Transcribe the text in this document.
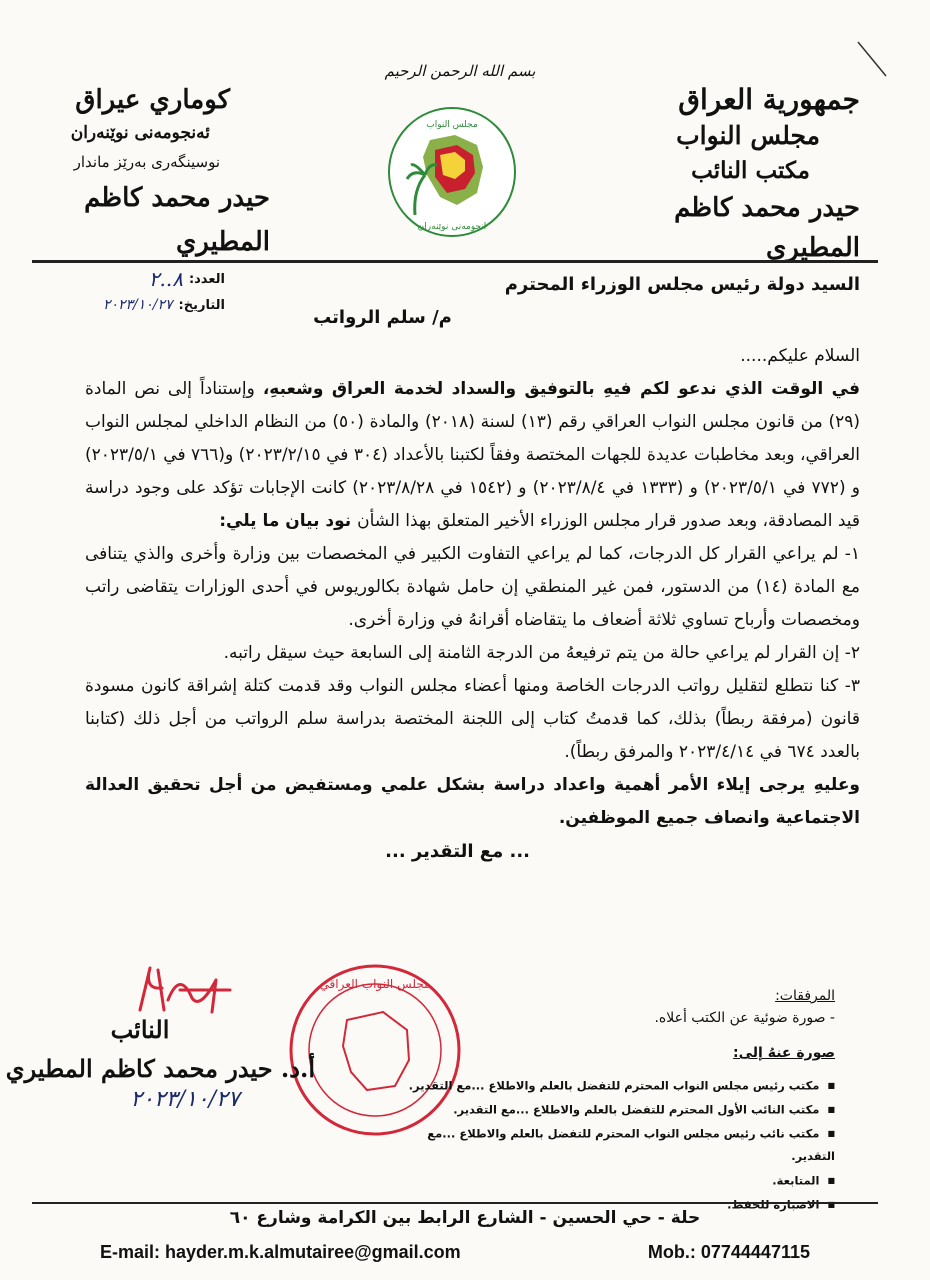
بسم الله الرحمن الرحيم
جمهورية العراق
مجلس النواب
مكتب النائب
حيدر محمد كاظم المطيري
كوماري عيراق
ئەنجومەنی نوێنەران
نوسينگەری بەرێز ماندار
حيدر محمد كاظم المطيري
مجلس النواب
انجومەنی نوێنەران
العدد:
٨..٢
التاريخ:
٢٠٢٣/١٠/٢٧

السيد دولة رئيس مجلس الوزراء المحترم

م/ سلم الرواتب

السلام عليكم.....

في الوقت الذي ندعو لكم فيهِ بالتوفيق والسداد لخدمة العراق وشعبهِ، وإستناداً إلى نص المادة (٢٩) من قانون مجلس النواب العراقي رقم (١٣) لسنة (٢٠١٨) والمادة (٥٠) من النظام الداخلي لمجلس النواب العراقي، وبعد مخاطبات عديدة للجهات المختصة وفقاً لكتبنا بالأعداد (٣٠٤ في ٢٠٢٣/٢/١٥) و(٧٦٦ في ٢٠٢٣/٥/١) و (٧٧٢ في ٢٠٢٣/٥/١) و (١٣٣٣ في ٢٠٢٣/٨/٤) و (١٥٤٢ في ٢٠٢٣/٨/٢٨) كانت الإجابات تؤكد على وجود دراسة قيد المصادقة، وبعد صدور قرار مجلس الوزراء الأخير المتعلق بهذا الشأن نود بيان ما يلي:

١- لم يراعي القرار كل الدرجات، كما لم يراعي التفاوت الكبير في المخصصات بين وزارة وأخرى والذي يتنافى مع المادة (١٤) من الدستور، فمن غير المنطقي إن حامل شهادة بكالوريوس في أحدى الوزارات يتقاضى راتب ومخصصات وأرباح تساوي ثلاثة أضعاف ما يتقاضاه أقرانهُ في وزارة أخرى.

٢- إن القرار لم يراعي حالة من يتم ترفيعهُ من الدرجة الثامنة إلى السابعة حيث سيقل راتبه.

٣- كنا نتطلع لتقليل رواتب الدرجات الخاصة ومنها أعضاء مجلس النواب وقد قدمت كتلة إشراقة كانون مسودة قانون (مرفقة ربطاً) بذلك، كما قدمتُ كتاب إلى اللجنة المختصة بدراسة سلم الرواتب من أجل ذلك (كتابنا بالعدد ٦٧٤ في ٢٠٢٣/٤/١٤ والمرفق ربطاً).

وعليهِ يرجى إيلاء الأمر أهمية واعداد دراسة بشكل علمي ومستفيض من أجل تحقيق العدالة الاجتماعية وانصاف جميع الموظفين.

... مع التقدير ...

مجلس النواب العراقي
النائب
أ.د. حيدر محمد كاظم المطيري
٢٠٢٣/١٠/٢٧
المرفقات:
- صورة ضوئية عن الكتب أعلاه.
صورة عنهُ إلى:
■ مكتب رئيس مجلس النواب المحترم للتفضل بالعلم والاطلاع ...مع التقدير.
■ مكتب النائب الأول المحترم للتفضل بالعلم والاطلاع ...مع التقدير.
■ مكتب نائب رئيس مجلس النواب المحترم للتفضل بالعلم والاطلاع ...مع التقدير.
■ المتابعة.
■ الاضبارة للحفظ.
حلة - حي الحسين - الشارع الرابط بين الكرامة وشارع ٦٠
E-mail: hayder.m.k.almutairee@gmail.com	Mob.: 07744447115
